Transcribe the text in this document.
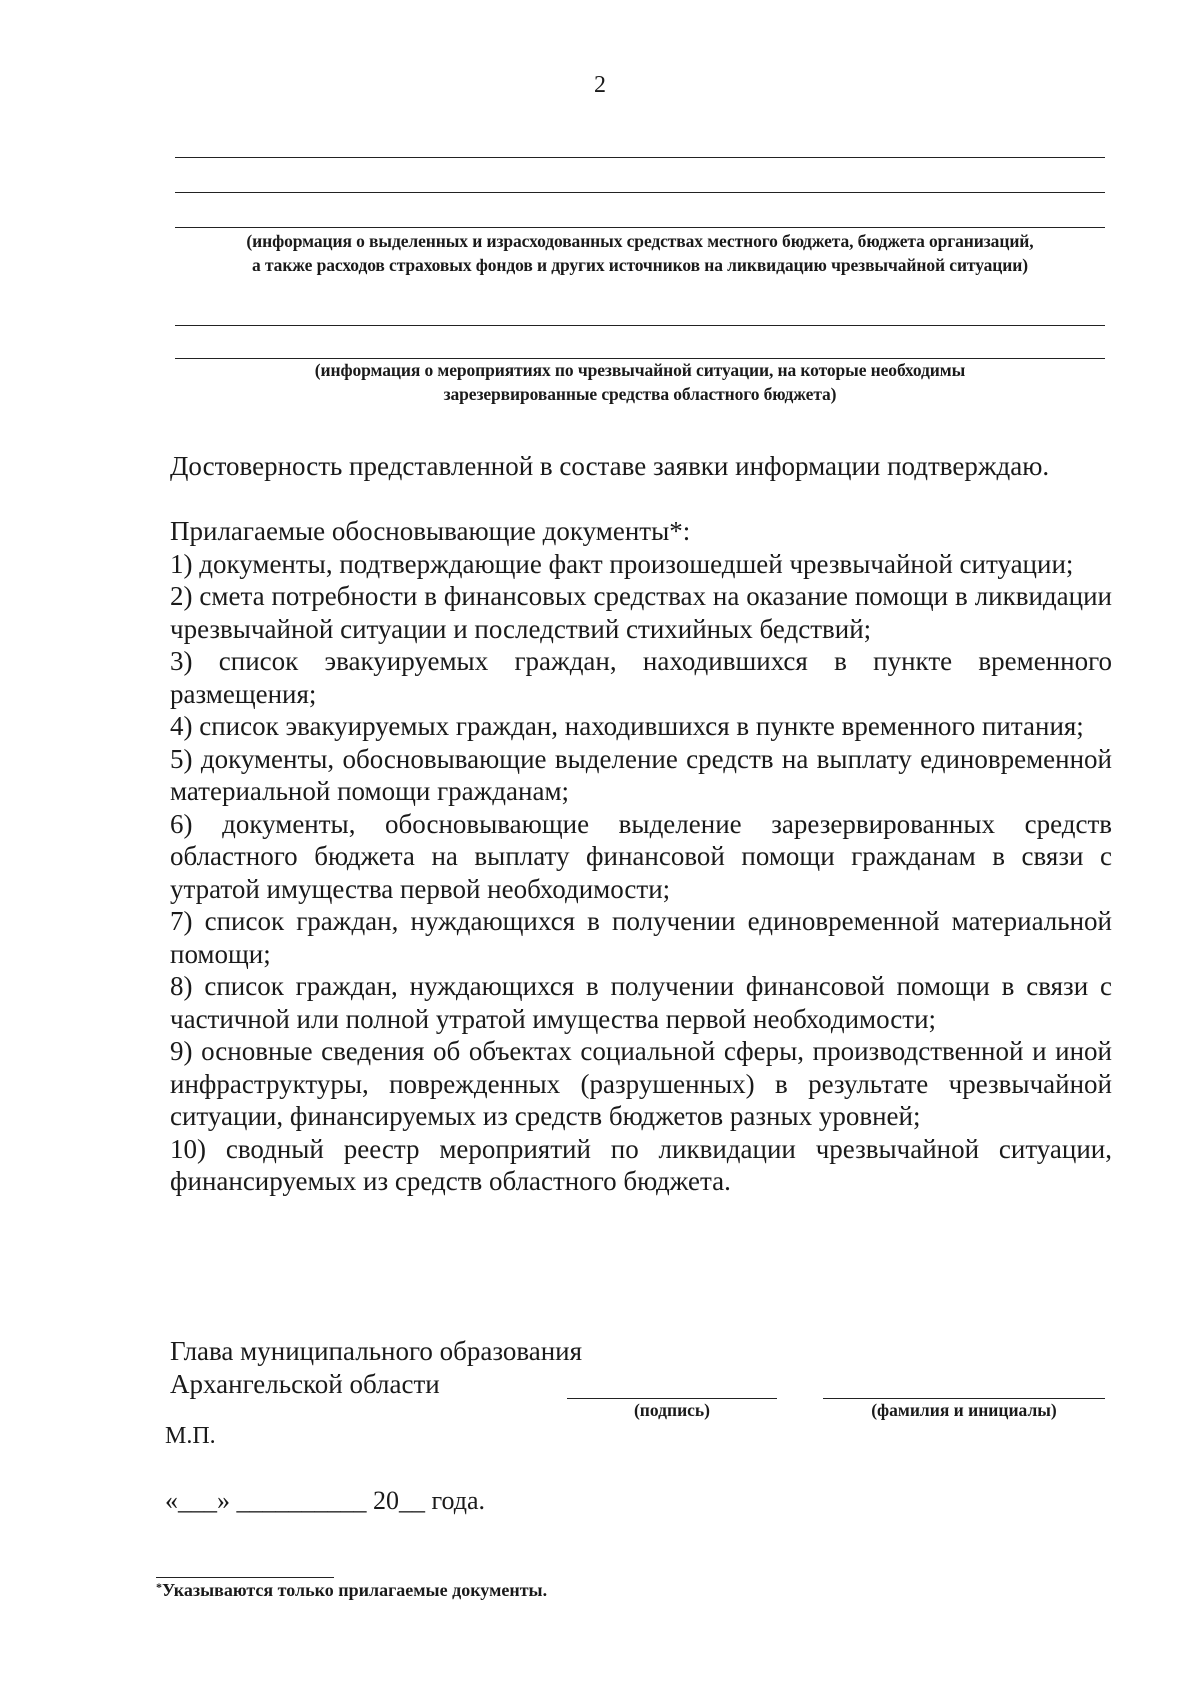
2
(информация о выделенных и израсходованных средствах местного бюджета, бюджета организаций,
а также расходов страховых фондов и других источников на ликвидацию чрезвычайной ситуации)
(информация о мероприятиях по чрезвычайной ситуации, на которые необходимы
зарезервированные средства областного бюджета)
Достоверность представленной в составе заявки информации подтверждаю.

Прилагаемые обосновывающие документы*:

1) документы, подтверждающие факт произошедшей чрезвычайной ситуации;

2) смета потребности в финансовых средствах на оказание помощи в ликвидации чрезвычайной ситуации и последствий стихийных бедствий;

3) список эвакуируемых граждан, находившихся в пункте временного размещения;

4) список эвакуируемых граждан, находившихся в пункте временного питания;

5) документы, обосновывающие выделение средств на выплату единовременной материальной помощи гражданам;

6) документы, обосновывающие выделение зарезервированных средств областного бюджета на выплату финансовой помощи гражданам в связи с утратой имущества первой необходимости;

7) список граждан, нуждающихся в получении единовременной материальной помощи;

8) список граждан, нуждающихся в получении финансовой помощи в связи с частичной или полной утратой имущества первой необходимости;

9) основные сведения об объектах социальной сферы, производственной и иной инфраструктуры, поврежденных (разрушенных) в результате чрезвычайной ситуации, финансируемых из средств бюджетов разных уровней;

10) сводный реестр мероприятий по ликвидации чрезвычайной ситуации, финансируемых из средств областного бюджета.

Глава муниципального образования
Архангельской области
(подпись)	(фамилия и инициалы)
М.П.
«___» __________ 20__ года.
*Указываются только прилагаемые документы.
